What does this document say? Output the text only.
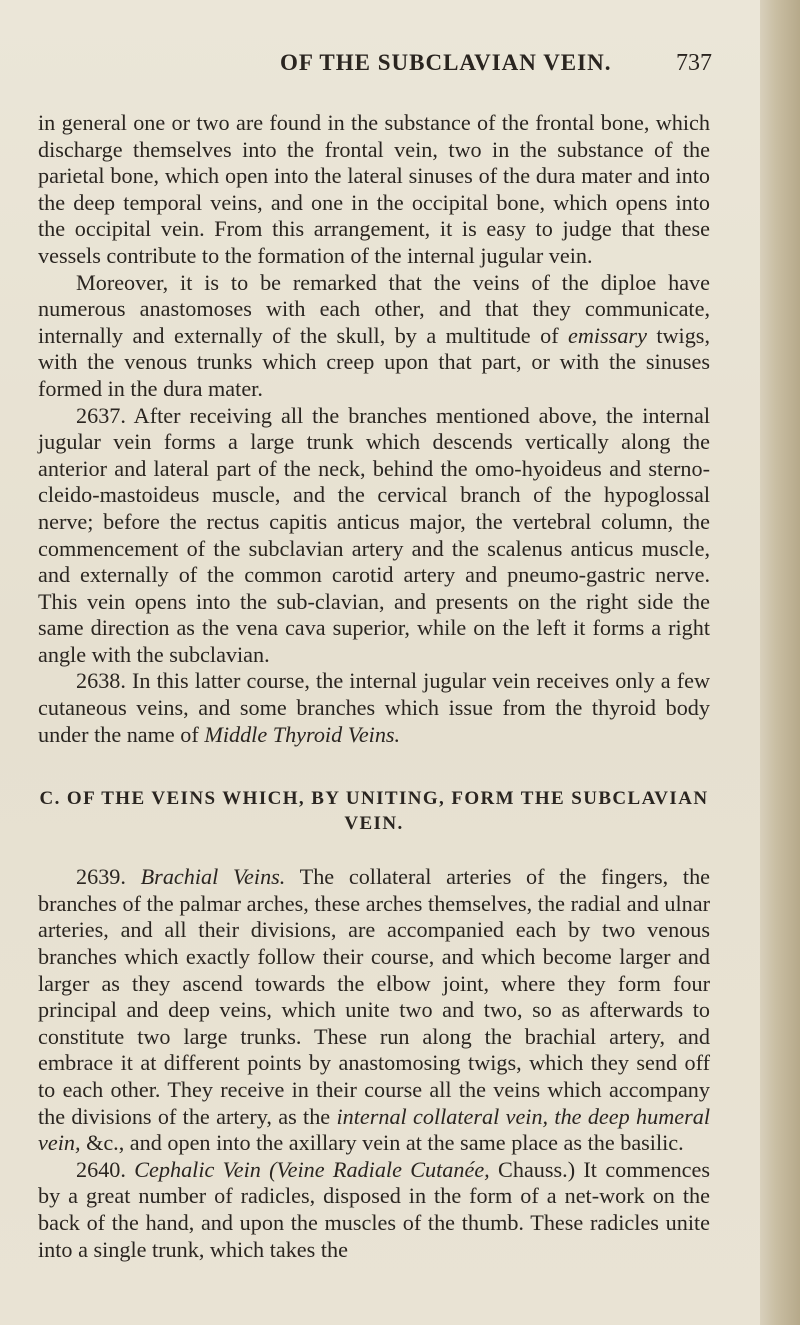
OF THE SUBCLAVIAN VEIN.	737

in general one or two are found in the substance of the frontal bone, which discharge themselves into the frontal vein, two in the substance of the parietal bone, which open into the lateral sinuses of the dura mater and into the deep temporal veins, and one in the occipital bone, which opens into the occipital vein. From this arrangement, it is easy to judge that these vessels contribute to the formation of the internal jugular vein.

Moreover, it is to be remarked that the veins of the diploe have numerous anastomoses with each other, and that they communicate, internally and externally of the skull, by a multitude of emissary twigs, with the venous trunks which creep upon that part, or with the sinuses formed in the dura mater.

2637. After receiving all the branches mentioned above, the internal jugular vein forms a large trunk which descends vertically along the anterior and lateral part of the neck, behind the omo-hyoideus and sterno-cleido-mastoideus muscle, and the cervical branch of the hypoglossal nerve; before the rectus capitis anticus major, the vertebral column, the commencement of the subclavian artery and the scalenus anticus muscle, and externally of the common carotid artery and pneumo-gastric nerve. This vein opens into the sub-clavian, and presents on the right side the same direction as the vena cava superior, while on the left it forms a right angle with the subclavian.

2638. In this latter course, the internal jugular vein receives only a few cutaneous veins, and some branches which issue from the thyroid body under the name of Middle Thyroid Veins.

C. OF THE VEINS WHICH, BY UNITING, FORM THE SUBCLAVIAN VEIN.

2639. Brachial Veins. The collateral arteries of the fingers, the branches of the palmar arches, these arches themselves, the radial and ulnar arteries, and all their divisions, are accompanied each by two venous branches which exactly follow their course, and which become larger and larger as they ascend towards the elbow joint, where they form four principal and deep veins, which unite two and two, so as afterwards to constitute two large trunks. These run along the brachial artery, and embrace it at different points by anastomosing twigs, which they send off to each other. They receive in their course all the veins which accompany the divisions of the artery, as the internal collateral vein, the deep humeral vein, &c., and open into the axillary vein at the same place as the basilic.

2640. Cephalic Vein (Veine Radiale Cutanée, Chauss.) It commences by a great number of radicles, disposed in the form of a net-work on the back of the hand, and upon the muscles of the thumb. These radicles unite into a single trunk, which takes the
